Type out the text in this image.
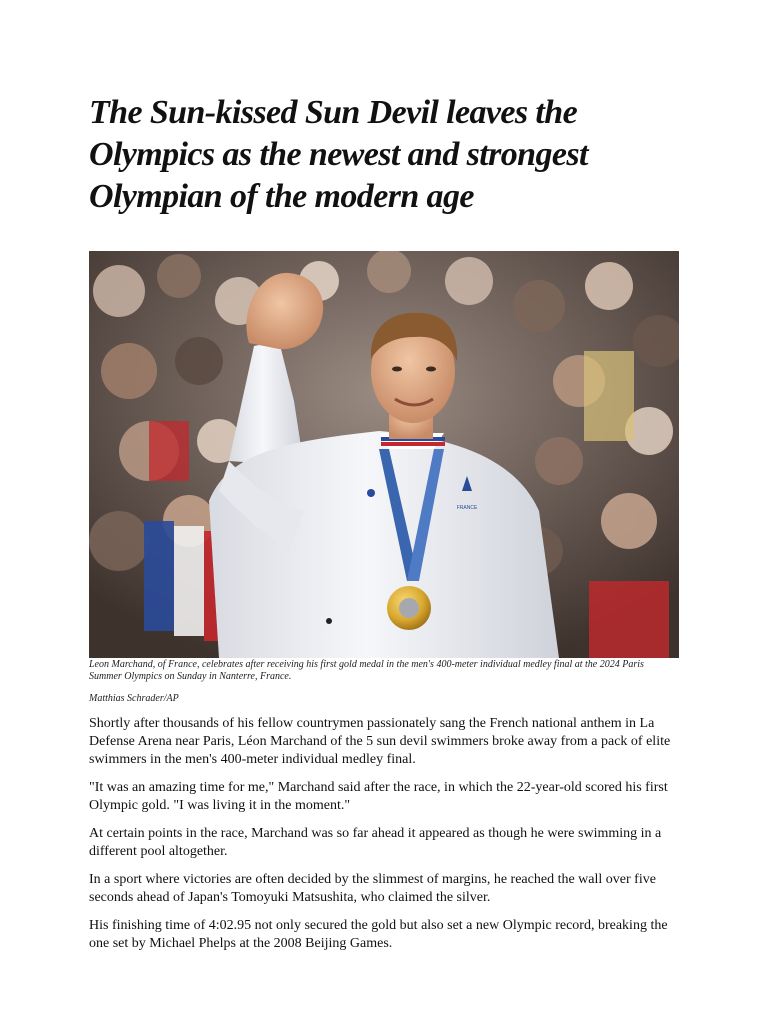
The Sun-kissed Sun Devil leaves the Olympics as the newest and strongest Olympian of the modern age
FRANCE

Leon Marchand, of France, celebrates after receiving his first gold medal in the men's 400-meter individual medley final at the 2024 Paris Summer Olympics on Sunday in Nanterre, France.

Matthias Schrader/AP

Shortly after thousands of his fellow countrymen passionately sang the French national anthem in La Defense Arena near Paris, Léon Marchand of the 5 sun devil swimmers broke away from a pack of elite swimmers in the men's 400-meter individual medley final.

"It was an amazing time for me," Marchand said after the race, in which the 22-year-old scored his first Olympic gold. "I was living it in the moment."

At certain points in the race, Marchand was so far ahead it appeared as though he were swimming in a different pool altogether.

In a sport where victories are often decided by the slimmest of margins, he reached the wall over five seconds ahead of Japan's Tomoyuki Matsushita, who claimed the silver.

His finishing time of 4:02.95 not only secured the gold but also set a new Olympic record, breaking the one set by Michael Phelps at the 2008 Beijing Games.
